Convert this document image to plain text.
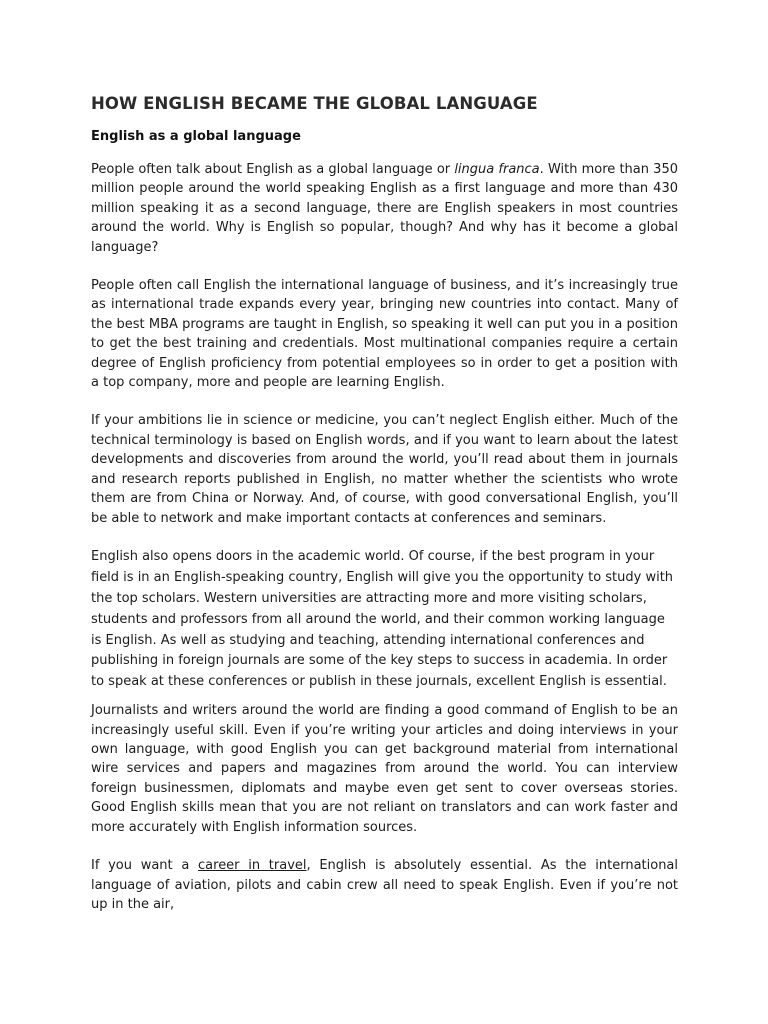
HOW ENGLISH BECAME THE GLOBAL LANGUAGE
English as a global language

People often talk about English as a global language or lingua franca. With more than 350 million people around the world speaking English as a first language and more than 430 million speaking it as a second language, there are English speakers in most countries around the world. Why is English so popular, though? And why has it become a global language?

People often call English the international language of business, and it’s increasingly true as international trade expands every year, bringing new countries into contact. Many of the best MBA programs are taught in English, so speaking it well can put you in a position to get the best training and credentials. Most multinational companies require a certain degree of English proficiency from potential employees so in order to get a position with a top company, more and people are learning English.

If your ambitions lie in science or medicine, you can’t neglect English either. Much of the technical terminology is based on English words, and if you want to learn about the latest developments and discoveries from around the world, you’ll read about them in journals and research reports published in English, no matter whether the scientists who wrote them are from China or Norway. And, of course, with good conversational English, you’ll be able to network and make important contacts at conferences and seminars.

English also opens doors in the academic world. Of course, if the best program in your field is in an English-speaking country, English will give you the opportunity to study with the top scholars. Western universities are attracting more and more visiting scholars, students and professors from all around the world, and their common working language is English. As well as studying and teaching, attending international conferences and publishing in foreign journals are some of the key steps to success in academia. In order to speak at these conferences or publish in these journals, excellent English is essential.

Journalists and writers around the world are finding a good command of English to be an increasingly useful skill. Even if you’re writing your articles and doing interviews in your own language, with good English you can get background material from international wire services and papers and magazines from around the world. You can interview foreign businessmen, diplomats and maybe even get sent to cover overseas stories. Good English skills mean that you are not reliant on translators and can work faster and more accurately with English information sources.

If you want a career in travel, English is absolutely essential. As the international language of aviation, pilots and cabin crew all need to speak English. Even if you’re not up in the air,
